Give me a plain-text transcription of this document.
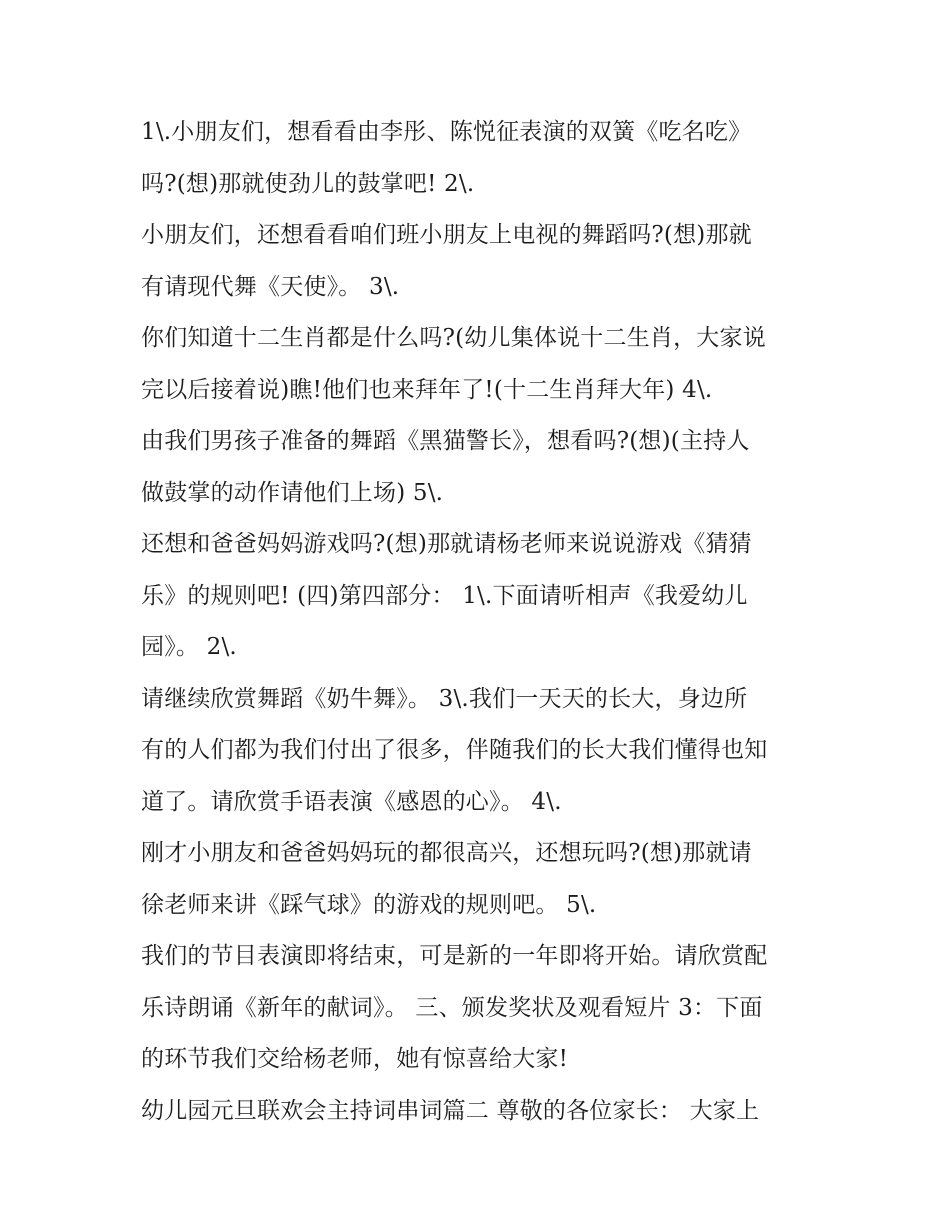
1\.小朋友们，想看看由李彤、陈悦征表演的双簧《吃名吃》
吗?(想)那就使劲儿的鼓掌吧! 2\.
小朋友们，还想看看咱们班小朋友上电视的舞蹈吗?(想)那就
有请现代舞《天使》。 3\.
你们知道十二生肖都是什么吗?(幼儿集体说十二生肖，大家说
完以后接着说)瞧!他们也来拜年了!(十二生肖拜大年) 4\.
由我们男孩子准备的舞蹈《黑猫警长》，想看吗?(想)(主持人
做鼓掌的动作请他们上场) 5\.
还想和爸爸妈妈游戏吗?(想)那就请杨老师来说说游戏《猜猜
乐》的规则吧! (四)第四部分： 1\.下面请听相声《我爱幼儿
园》。 2\.
请继续欣赏舞蹈《奶牛舞》。 3\.我们一天天的长大，身边所
有的人们都为我们付出了很多，伴随我们的长大我们懂得也知
道了。请欣赏手语表演《感恩的心》。 4\.
刚才小朋友和爸爸妈妈玩的都很高兴，还想玩吗?(想)那就请
徐老师来讲《踩气球》的游戏的规则吧。 5\.
我们的节目表演即将结束，可是新的一年即将开始。请欣赏配
乐诗朗诵《新年的献词》。 三、颁发奖状及观看短片 3：下面
的环节我们交给杨老师，她有惊喜给大家!
幼儿园元旦联欢会主持词串词篇二 尊敬的各位家长： 大家上
